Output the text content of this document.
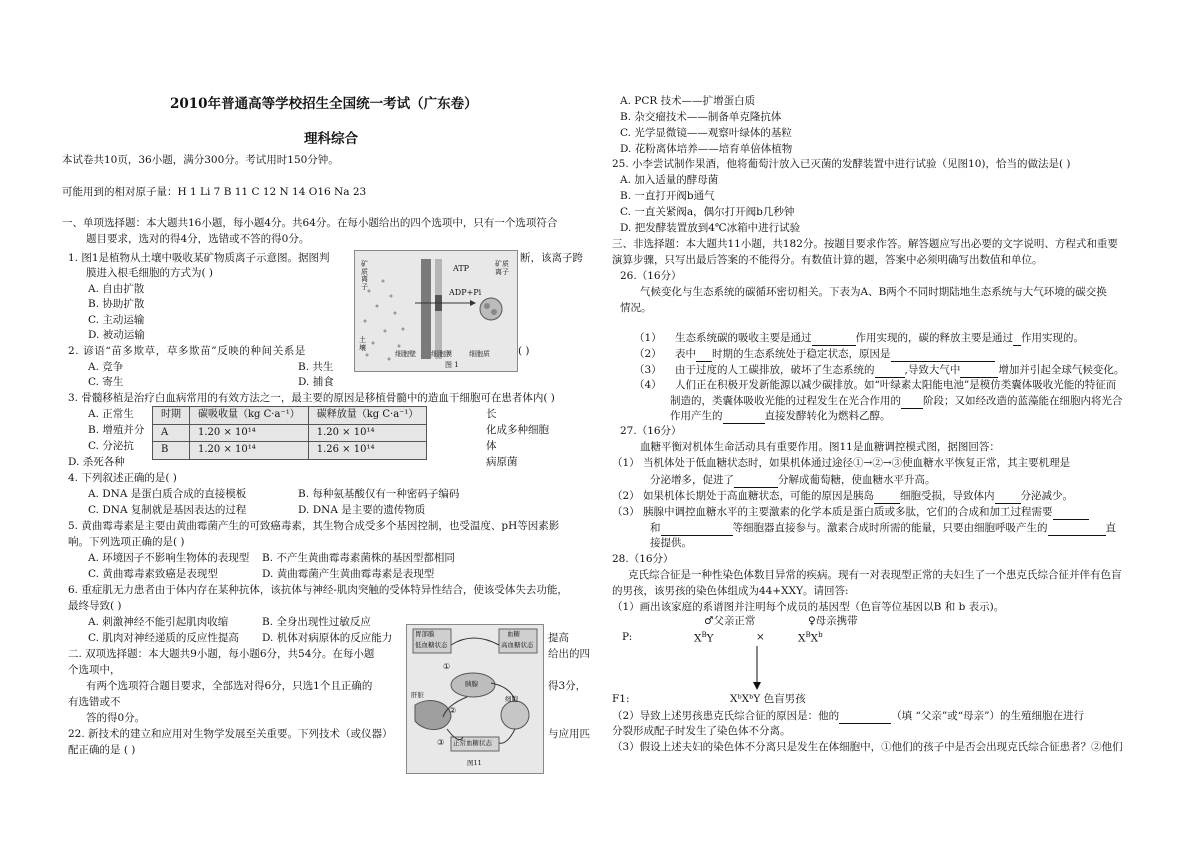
2010年普通高等学校招生全国统一考试（广东卷）
理科综合
本试卷共10页，36小题，满分300分。考试用时150分钟。
可能用到的相对原子量：H 1 Li 7 B 11 C 12 N 14 O16 Na 23
一、单项选择题：本大题共16小题，每小题4分。共64分。在每小题给出的四个选项中，只有一个选项符合
题目要求，选对的得4分，选错或不答的得0分。
1. 图1是植物从土壤中吸收某矿物质离子示意图。据图判	断，该离子跨
膜进入根毛细胞的方式为( )
A. 自由扩散
B. 协助扩散
C. 主动运输
D. 被动运输
ATP
ADP+Pi
矿质离子
矿质离子
土壤
细胞壁 细胞膜 细胞质
图 1
2. 谚语“苗多欺草，草多欺苗”反映的种间关系是	( )
A. 竞争	B. 共生
C. 寄生	D. 捕食
3. 骨髓移植是治疗白血病常用的有效方法之一，最主要的原因是移植骨髓中的造血干细胞可在患者体内( )
A. 正常生
B. 增殖并分
C. 分泌抗
D. 杀死各种
长
化成多种细胞
体
病原菌
时期	碳吸收量（kg C·a⁻¹）	碳释放量（kg C·a⁻¹）
A	1.20 × 10¹⁴	1.20 × 10¹⁴
B	1.20 × 10¹⁴	1.26 × 10¹⁴
4. 下列叙述正确的是( )
A. DNA 是蛋白质合成的直接模板	B. 每种氨基酸仅有一种密码子编码
C. DNA 复制就是基因表达的过程	D. DNA 是主要的遗传物质
5. 黄曲霉毒素是主要由黄曲霉菌产生的可致癌毒素，其生物合成受多个基因控制，也受温度、pH等因素影
响。下列选项正确的是( )
A. 环境因子不影响生物体的表现型 B. 不产生黄曲霉毒素菌株的基因型都相同
C. 黄曲霉毒素致癌是表现型	D. 黄曲霉菌产生黄曲霉毒素是表现型
6. 重症肌无力患者由于体内存在某种抗体，该抗体与神经-肌肉突触的受体特异性结合，使该受体失去功能，
最终导致( )
A. 刺激神经不能引起肌肉收缩	B. 全身出现性过敏反应
C. 肌肉对神经递质的反应性提高 D. 机体对病原体的反应能力	提高
二. 双项选择题：本大题共9小题，每小题6分，共54分。在每小题	给出的四
个选项中，
有两个选项符合题目要求，全部选对得6分，只选1个且正确的	得3分，
有选错或不
答的得0分。
22. 新技术的建立和应用对生物学发展至关重要。下列技术（或仪器）	与应用匹
配正确的是 ( )
胃部膜
低血糖状态
血糖
高血糖状态
胰腺
肝脏	细胞
正常血糖状态
图11
①
②
③
A. PCR 技术——扩增蛋白质
B. 杂交瘤技术——制备单克隆抗体
C. 光学显微镜——观察叶绿体的基粒
D. 花粉离体培养——培育单倍体植物
25. 小李尝试制作果酒，他将葡萄汁放入已灭菌的发酵装置中进行试验（见图10)，恰当的做法是( )
A. 加入适量的酵母菌
B. 一直打开阀b通气
C. 一直关紧阀a，偶尔打开阀b几秒钟
D. 把发酵装置放到4℃冰箱中进行试验
三、非选择题：本大题共11小题，共182分。按题目要求作答。解答题应写出必要的文字说明、方程式和重要
演算步骤，只写出最后答案的不能得分。有数值计算的题，答案中必须明确写出数值和单位。
26.（16分）
气候变化与生态系统的碳循环密切相关。下表为A、B两个不同时期陆地生态系统与大气环境的碳交换
情况。
（1） 生态系统碳的吸收主要是通过	作用实现的，碳的释放主要是通过 作用实现的。
（2） 表中 时期的生态系统处于稳定状态，原因是
（3） 由于过度的人工碳排放，破坏了生态系统的	,导致大气中	增加并引起全球气候变化。
（4） 人们正在积极开发新能源以减少碳排放。如“叶绿素太阳能电池”是模仿类囊体吸收光能的特征而
制造的，类囊体吸收光能的过程发生在光合作用的 阶段；又如经改造的蓝藻能在细胞内将光合
作用产生的	直接发酵转化为燃料乙醇。
27.（16分）
血糖平衡对机体生命活动具有重要作用。图11是血糖调控模式图，据图回答：
（1） 当机体处于低血糖状态时，如果机体通过途径①→②→③使血糖水平恢复正常，其主要机理是
分泌增多，促进了	分解成葡萄糖，使血糖水平升高。
（2） 如果机体长期处于高血糖状态，可能的原因是胰岛 细胞受损，导致体内 分泌减少。
（3） 胰腺中调控血糖水平的主要激素的化学本质是蛋白质或多肽，它们的合成和加工过程需要
和	等细胞器直接参与。激素合成时所需的能量，只要由细胞呼吸产生的	直
接提供。
28.（16分）
克氏综合征是一种性染色体数目异常的疾病。现有一对表现型正常的夫妇生了一个患克氏综合征并伴有色盲
的男孩，该男孩的染色体组成为44+XXY。请回答:
（1）画出该家庭的系谱图并注明每个成员的基因型（色盲等位基因以B 和 b 表示)。
♂父亲正常	♀母亲携带
P:	$X^BY$	×	$X^BX^b$
F1:	XᵇXᵇY 色盲男孩
（2）导致上述男孩患克氏综合征的原因是：他的	（填 “父亲”或“母亲”）的生殖细胞在进行
分裂形成配子时发生了染色体不分离。
（3）假设上述夫妇的染色体不分离只是发生在体细胞中，①他们的孩子中是否会出现克氏综合征患者？②他们
